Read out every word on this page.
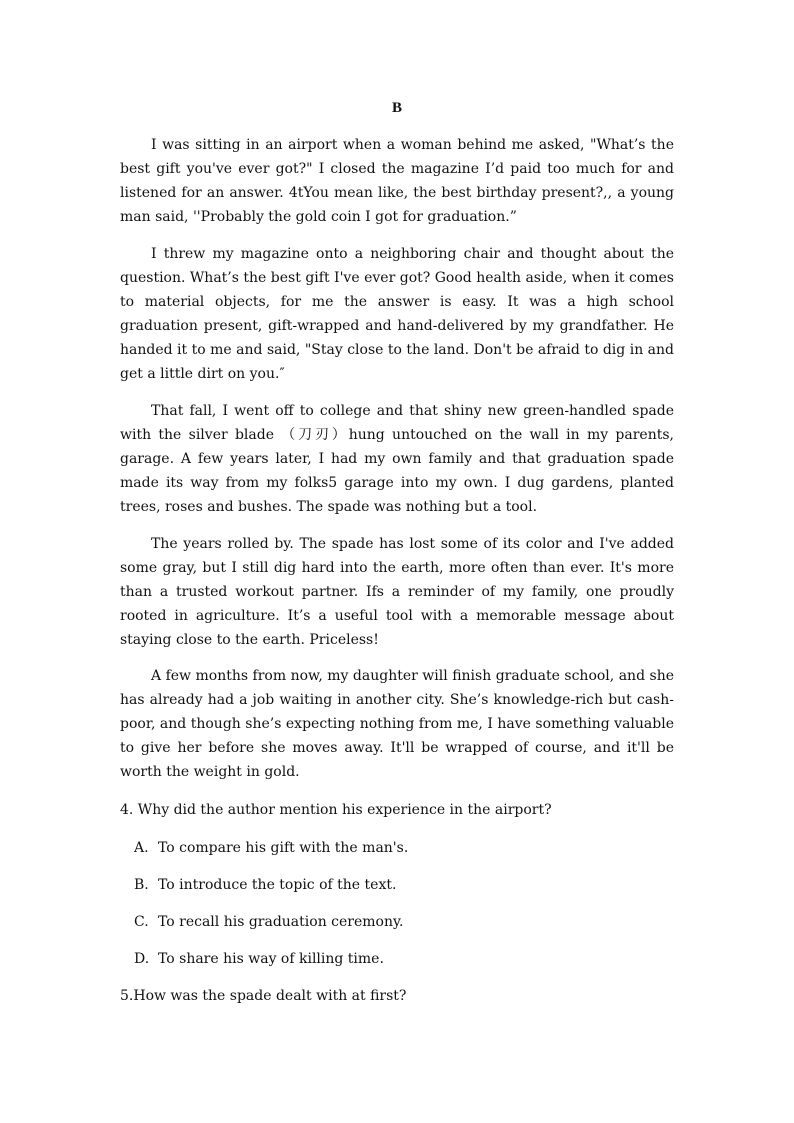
B

I was sitting in an airport when a woman behind me asked, "What’s the best gift you've ever got?" I closed the magazine I’d paid too much for and listened for an answer. 4tYou mean like, the best birthday present?,, a young man said, ''Probably the gold coin I got for graduation.”

I threw my magazine onto a neighboring chair and thought about the question. What’s the best gift I've ever got? Good health aside, when it comes to material objects, for me the answer is easy. It was a high school graduation present, gift-wrapped and hand-delivered by my grandfather. He handed it to me and said, "Stay close to the land. Don't be afraid to dig in and get a little dirt on you.″

That fall, I went off to college and that shiny new green-handled spade with the silver blade （刀刃）hung untouched on the wall in my parents, garage. A few years later, I had my own family and that graduation spade made its way from my folks5 garage into my own. I dug gardens, planted trees, roses and bushes. The spade was nothing but a tool.

The years rolled by. The spade has lost some of its color and I've added some gray, but I still dig hard into the earth, more often than ever. It's more than a trusted workout partner. Ifs a reminder of my family, one proudly rooted in agriculture. It’s a useful tool with a memorable message about staying close to the earth. Priceless!

A few months from now, my daughter will finish graduate school, and she has already had a job waiting in another city. She’s knowledge-rich but cash-poor, and though she’s expecting nothing from me, I have something valuable to give her before she moves away. It'll be wrapped of course, and it'll be worth the weight in gold.

4. Why did the author mention his experience in the airport?
A. To compare his gift with the man's.
B. To introduce the topic of the text.
C. To recall his graduation ceremony.
D. To share his way of killing time.
5.How was the spade dealt with at first?
